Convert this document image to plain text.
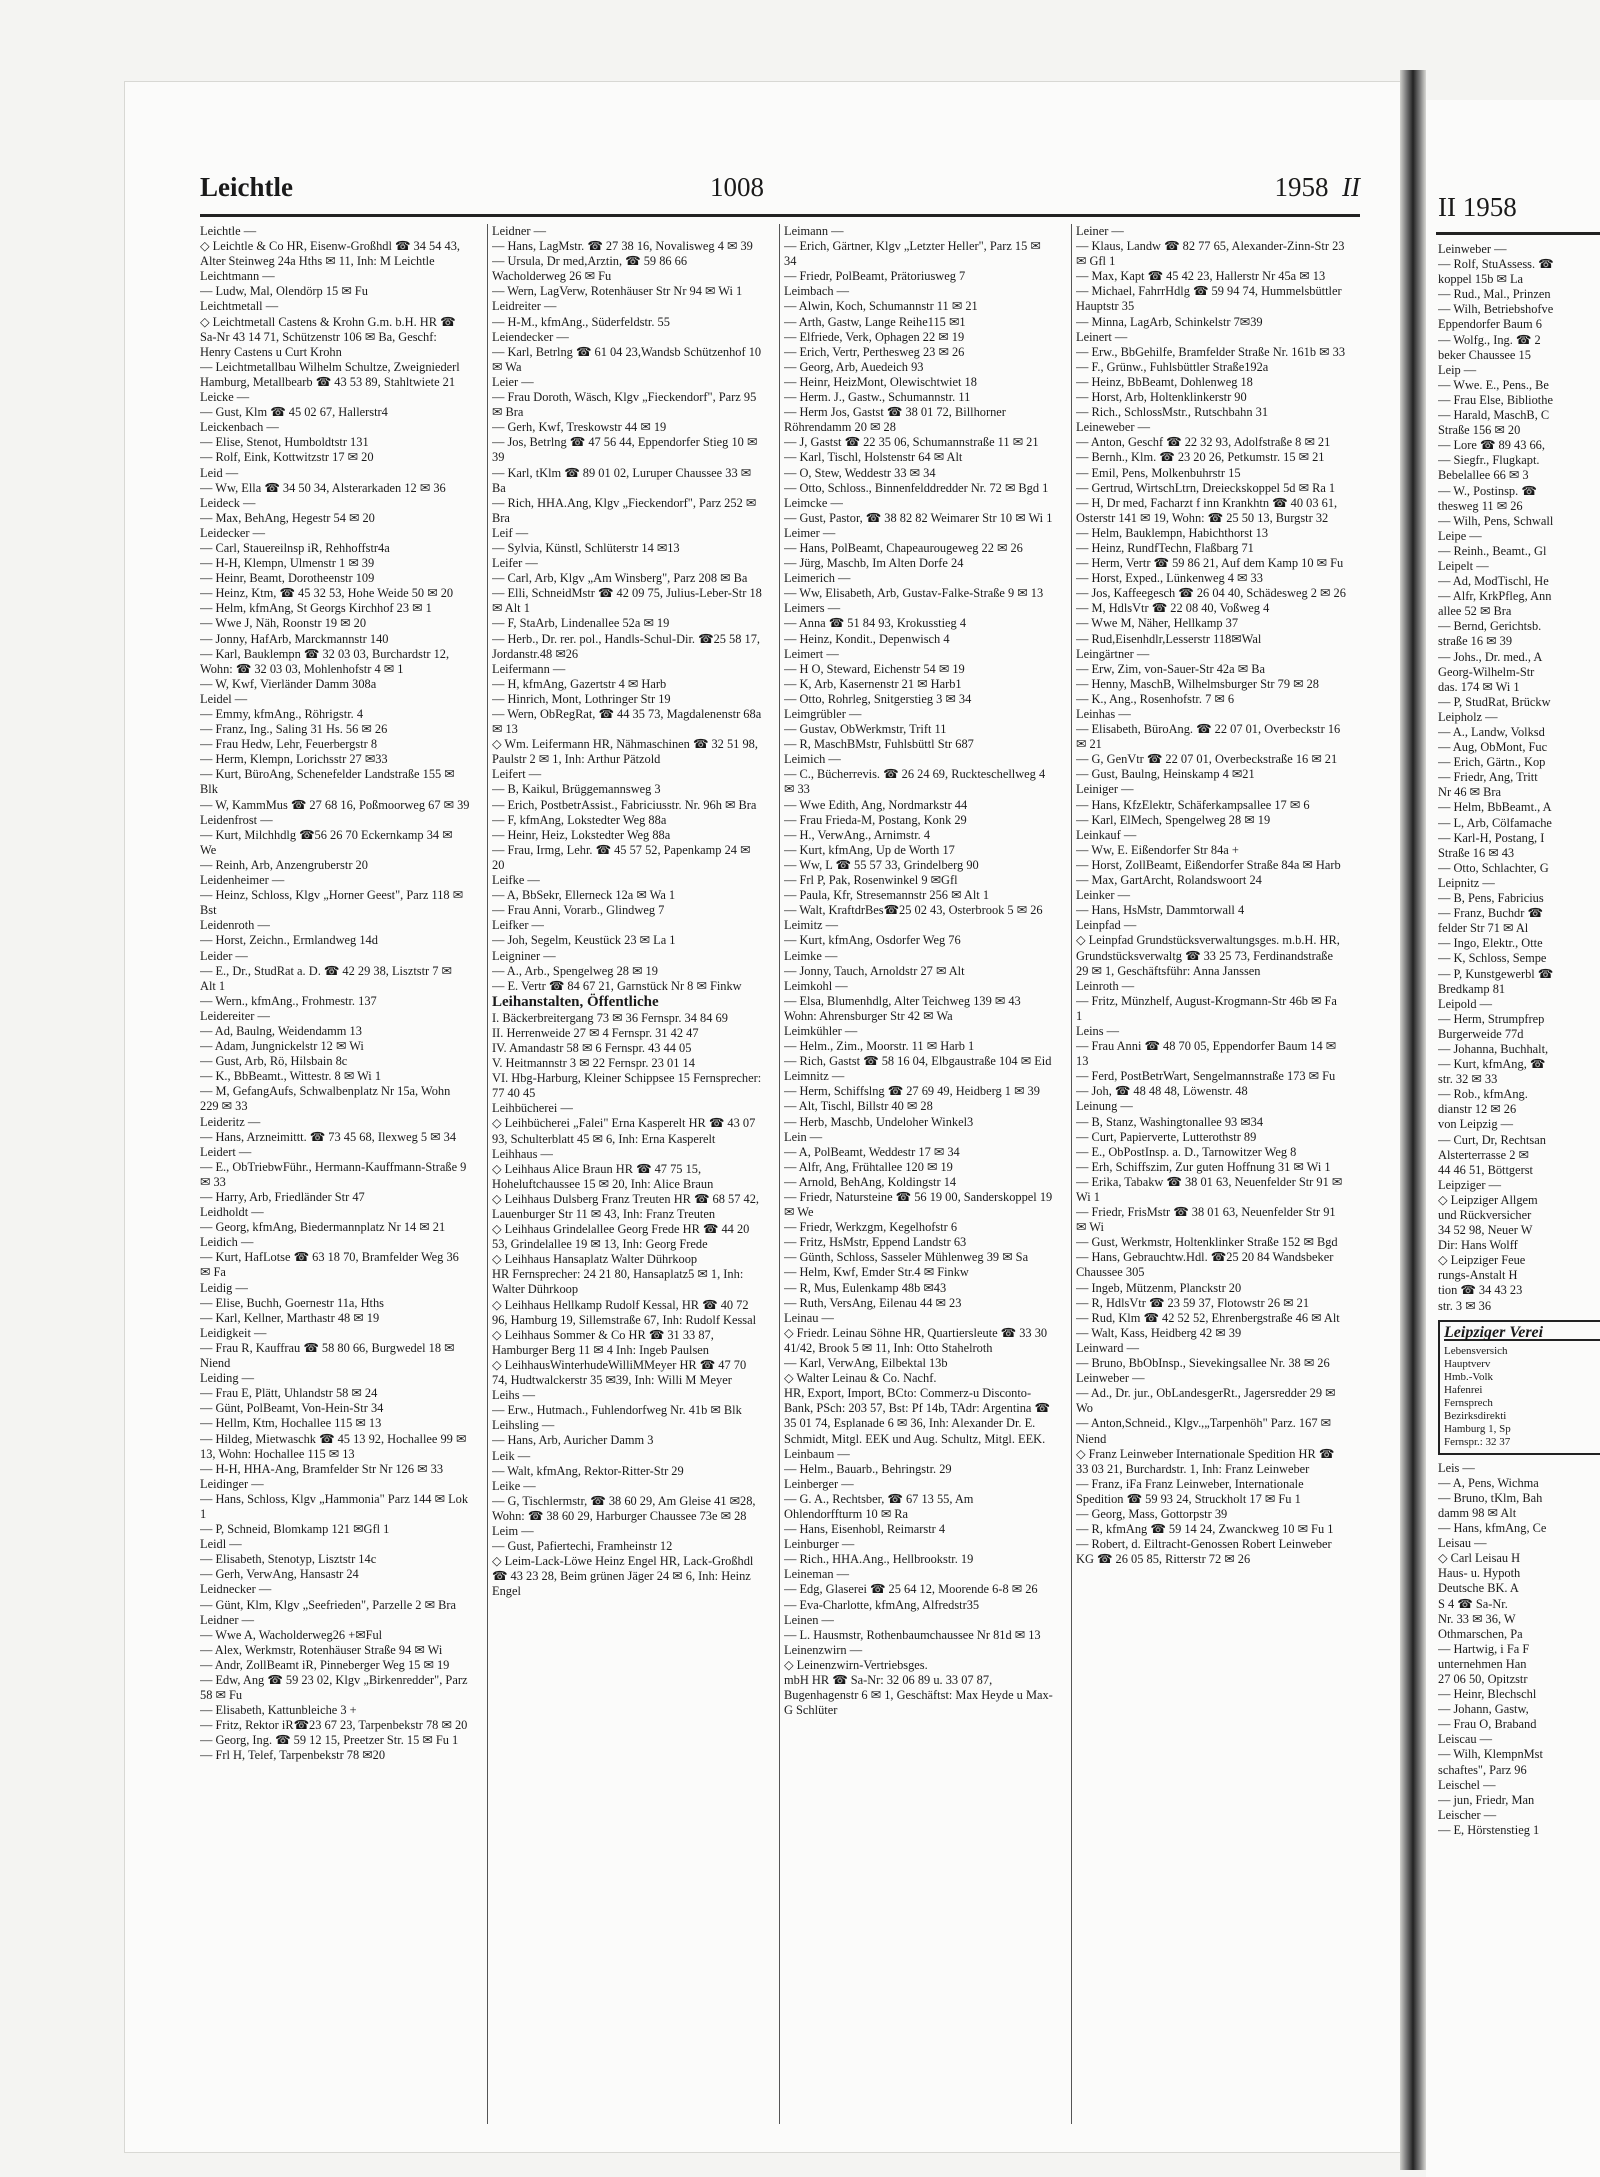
Leichtle	1008	1958 II
Leichtle —
◇ Leichtle & Co HR, Eisenw-Großhdl ☎ 34 54 43, Alter Steinweg 24a Hths ✉ 11, Inh: M Leichtle
Leichtmann —
— Ludw, Mal, Olendörp 15 ✉ Fu
Leichtmetall —
◇ Leichtmetall Castens & Krohn G.m. b.H. HR ☎ Sa-Nr 43 14 71, Schützenstr 106 ✉ Ba, Geschf: Henry Castens u Curt Krohn
— Leichtmetallbau Wilhelm Schultze, Zweigniederl Hamburg, Metallbearb ☎ 43 53 89, Stahltwiete 21
Leicke —
— Gust, Klm ☎ 45 02 67, Hallerstr4
Leickenbach —
— Elise, Stenot, Humboldtstr 131
— Rolf, Eink, Kottwitzstr 17 ✉ 20
Leid —
— Ww, Ella ☎ 34 50 34, Alsterarkaden 12 ✉ 36
Leideck —
— Max, BehAng, Hegestr 54 ✉ 20
Leidecker —
— Carl, Stauereilnsp iR, Rehhoffstr4a
— H-H, Klempn, Ulmenstr 1 ✉ 39
— Heinr, Beamt, Dorotheenstr 109
— Heinz, Ktm, ☎ 45 32 53, Hohe Weide 50 ✉ 20
— Helm, kfmAng, St Georgs Kirchhof 23 ✉ 1
— Wwe J, Näh, Roonstr 19 ✉ 20
— Jonny, HafArb, Marckmannstr 140
— Karl, Bauklempn ☎ 32 03 03, Burchardstr 12, Wohn: ☎ 32 03 03, Mohlenhofstr 4 ✉ 1
— W, Kwf, Vierländer Damm 308a
Leidel —
— Emmy, kfmAng., Röhrigstr. 4
— Franz, Ing., Saling 31 Hs. 56 ✉ 26
— Frau Hedw, Lehr, Feuerbergstr 8
— Herm, Klempn, Lorichsstr 27 ✉33
— Kurt, BüroAng, Schenefelder Landstraße 155 ✉ Blk
— W, KammMus ☎ 27 68 16, Poßmoorweg 67 ✉ 39
Leidenfrost —
— Kurt, Milchhdlg ☎56 26 70 Eckernkamp 34 ✉ We
— Reinh, Arb, Anzengruberstr 20
Leidenheimer —
— Heinz, Schloss, Klgv „Horner Geest", Parz 118 ✉ Bst
Leidenroth —
— Horst, Zeichn., Ermlandweg 14d
Leider —
— E., Dr., StudRat a. D. ☎ 42 29 38, Lisztstr 7 ✉ Alt 1
— Wern., kfmAng., Frohmestr. 137
Leidereiter —
— Ad, Baulng, Weidendamm 13
— Adam, Jungnickelstr 12 ✉ Wi
— Gust, Arb, Rö, Hilsbain 8c
— K., BbBeamt., Wittestr. 8 ✉ Wi 1
— M, GefangAufs, Schwalbenplatz Nr 15a, Wohn 229 ✉ 33
Leideritz —
— Hans, Arzneimittt. ☎ 73 45 68, Ilexweg 5 ✉ 34
Leidert —
— E., ObTriebwFühr., Hermann-Kauffmann-Straße 9 ✉ 33
— Harry, Arb, Friedländer Str 47
Leidholdt —
— Georg, kfmAng, Biedermannplatz Nr 14 ✉ 21
Leidich —
— Kurt, HafLotse ☎ 63 18 70, Bramfelder Weg 36 ✉ Fa
Leidig —
— Elise, Buchh, Goernestr 11a, Hths
— Karl, Kellner, Marthastr 48 ✉ 19
Leidigkeit —
— Frau R, Kauffrau ☎ 58 80 66, Burgwedel 18 ✉ Niend
Leiding —
— Frau E, Plätt, Uhlandstr 58 ✉ 24
— Günt, PolBeamt, Von-Hein-Str 34
— Hellm, Ktm, Hochallee 115 ✉ 13
— Hildeg, Mietwaschk ☎ 45 13 92, Hochallee 99 ✉ 13, Wohn: Hochallee 115 ✉ 13
— H-H, HHA-Ang, Bramfelder Str Nr 126 ✉ 33
Leidinger —
— Hans, Schloss, Klgv „Hammonia" Parz 144 ✉ Lok 1
— P, Schneid, Blomkamp 121 ✉Gfl 1
Leidl —
— Elisabeth, Stenotyp, Lisztstr 14c
— Gerh, VerwAng, Hansastr 24
Leidnecker —
— Günt, Klm, Klgv „Seefrieden", Parzelle 2 ✉ Bra
Leidner —
— Wwe A, Wacholderweg26 +✉Ful
— Alex, Werkmstr, Rotenhäuser Straße 94 ✉ Wi
— Andr, ZollBeamt iR, Pinneberger Weg 15 ✉ 19
— Edw, Ang ☎ 59 23 02, Klgv „Birkenredder", Parz 58 ✉ Fu
— Elisabeth, Kattunbleiche 3 +
— Fritz, Rektor iR☎23 67 23, Tarpenbekstr 78 ✉ 20
— Georg, Ing. ☎ 59 12 15, Preetzer Str. 15 ✉ Fu 1
— Frl H, Telef, Tarpenbekstr 78 ✉20
Leidner —
— Hans, LagMstr. ☎ 27 38 16, Novalisweg 4 ✉ 39
— Ursula, Dr med,Arztin, ☎ 59 86 66 Wacholderweg 26 ✉ Fu
— Wern, LagVerw, Rotenhäuser Str Nr 94 ✉ Wi 1
Leidreiter —
— H-M., kfmAng., Süderfeldstr. 55
Leiendecker —
— Karl, Betrlng ☎ 61 04 23,Wandsb Schützenhof 10 ✉ Wa
Leier —
— Frau Doroth, Wäsch, Klgv „Fieckendorf", Parz 95 ✉ Bra
— Gerh, Kwf, Treskowstr 44 ✉ 19
— Jos, Betrlng ☎ 47 56 44, Eppendorfer Stieg 10 ✉ 39
— Karl, tKlm ☎ 89 01 02, Luruper Chaussee 33 ✉ Ba
— Rich, HHA.Ang, Klgv „Fieckendorf", Parz 252 ✉ Bra
Leif —
— Sylvia, Künstl, Schlüterstr 14 ✉13
Leifer —
— Carl, Arb, Klgv „Am Winsberg", Parz 208 ✉ Ba
— Elli, SchneidMstr ☎ 42 09 75, Julius-Leber-Str 18 ✉ Alt 1
— F, StaArb, Lindenallee 52a ✉ 19
— Herb., Dr. rer. pol., Handls-Schul-Dir. ☎25 58 17, Jordanstr.48 ✉26
Leifermann —
— H, kfmAng, Gazertstr 4 ✉ Harb
— Hinrich, Mont, Lothringer Str 19
— Wern, ObRegRat, ☎ 44 35 73, Magdalenenstr 68a ✉ 13
◇ Wm. Leifermann HR, Nähmaschinen ☎ 32 51 98, Paulstr 2 ✉ 1, Inh: Arthur Pätzold
Leifert —
— B, Kaikul, Brüggemannsweg 3
— Erich, PostbetrAssist., Fabriciusstr. Nr. 96h ✉ Bra
— F, kfmAng, Lokstedter Weg 88a
— Heinr, Heiz, Lokstedter Weg 88a
— Frau, Irmg, Lehr. ☎ 45 57 52, Papenkamp 24 ✉ 20
Leifke —
— A, BbSekr, Ellerneck 12a ✉ Wa 1
— Frau Anni, Vorarb., Glindweg 7
Leifker —
— Joh, Segelm, Keustück 23 ✉ La 1
Leigniner —
— A., Arb., Spengelweg 28 ✉ 19
— E. Vertr ☎ 84 67 21, Garnstück Nr 8 ✉ Finkw
Leihanstalten, Öffentliche
I. Bäckerbreitergang 73 ✉ 36 Fernspr. 34 84 69
II. Herrenweide 27 ✉ 4 Fernspr. 31 42 47
IV. Amandastr 58 ✉ 6 Fernspr. 43 44 05
V. Heitmannstr 3 ✉ 22 Fernspr. 23 01 14
VI. Hbg-Harburg, Kleiner Schippsee 15 Fernsprecher: 77 40 45
Leihbücherei —
◇ Leihbücherei „Falei" Erna Kasperelt HR ☎ 43 07 93, Schulterblatt 45 ✉ 6, Inh: Erna Kasperelt
Leihhaus —
◇ Leihhaus Alice Braun HR ☎ 47 75 15, Hoheluftchaussee 15 ✉ 20, Inh: Alice Braun
◇ Leihhaus Dulsberg Franz Treuten HR ☎ 68 57 42, Lauenburger Str 11 ✉ 43, Inh: Franz Treuten
◇ Leihhaus Grindelallee Georg Frede HR ☎ 44 20 53, Grindelallee 19 ✉ 13, Inh: Georg Frede
◇ Leihhaus Hansaplatz Walter Dührkoop
HR Fernsprecher: 24 21 80, Hansaplatz5 ✉ 1, Inh: Walter Dührkoop
◇ Leihhaus Hellkamp Rudolf Kessal, HR ☎ 40 72 96, Hamburg 19, Sillemstraße 67, Inh: Rudolf Kessal
◇ Leihhaus Sommer & Co HR ☎ 31 33 87, Hamburger Berg 11 ✉ 4 Inh: Ingeb Paulsen
◇ LeihhausWinterhudeWilliMMeyer HR ☎ 47 70 74, Hudtwalckerstr 35 ✉39, Inh: Willi M Meyer
Leihs —
— Erw., Hutmach., Fuhlendorfweg Nr. 41b ✉ Blk
Leihsling —
— Hans, Arb, Auricher Damm 3
Leik —
— Walt, kfmAng, Rektor-Ritter-Str 29
Leike —
— G, Tischlermstr, ☎ 38 60 29, Am Gleise 41 ✉28, Wohn: ☎ 38 60 29, Harburger Chaussee 73e ✉ 28
Leim —
— Gust, Pafiertechi, Framheinstr 12
◇ Leim-Lack-Löwe Heinz Engel HR, Lack-Großhdl ☎ 43 23 28, Beim grünen Jäger 24 ✉ 6, Inh: Heinz Engel
Leimann —
— Erich, Gärtner, Klgv „Letzter Heller", Parz 15 ✉ 34
— Friedr, PolBeamt, Prätoriusweg 7
Leimbach —
— Alwin, Koch, Schumannstr 11 ✉ 21
— Arth, Gastw, Lange Reihe115 ✉1
— Elfriede, Verk, Ophagen 22 ✉ 19
— Erich, Vertr, Perthesweg 23 ✉ 26
— Georg, Arb, Auedeich 93
— Heinr, HeizMont, Olewischtwiet 18
— Herm. J., Gastw., Schumannstr. 11
— Herm Jos, Gastst ☎ 38 01 72, Billhorner Röhrendamm 20 ✉ 28
— J, Gastst ☎ 22 35 06, Schumannstraße 11 ✉ 21
— Karl, Tischl, Holstenstr 64 ✉ Alt
— O, Stew, Weddestr 33 ✉ 34
— Otto, Schloss., Binnenfelddredder Nr. 72 ✉ Bgd 1
Leimcke —
— Gust, Pastor, ☎ 38 82 82 Weimarer Str 10 ✉ Wi 1
Leimer —
— Hans, PolBeamt, Chapeaurougeweg 22 ✉ 26
— Jürg, Maschb, Im Alten Dorfe 24
Leimerich —
— Ww, Elisabeth, Arb, Gustav-Falke-Straße 9 ✉ 13
Leimers —
— Anna ☎ 51 84 93, Krokusstieg 4
— Heinz, Kondit., Depenwisch 4
Leimert —
— H O, Steward, Eichenstr 54 ✉ 19
— K, Arb, Kasernenstr 21 ✉ Harb1
— Otto, Rohrleg, Snitgerstieg 3 ✉ 34
Leimgrübler —
— Gustav, ObWerkmstr, Trift 11
— R, MaschBMstr, Fuhlsbüttl Str 687
Leimich —
— C., Bücherrevis. ☎ 26 24 69, Ruckteschellweg 4 ✉ 33
— Wwe Edith, Ang, Nordmarkstr 44
— Frau Frieda-M, Postang, Konk 29
— H., VerwAng., Arnimstr. 4
— Kurt, kfmAng, Up de Worth 17
— Ww, L ☎ 55 57 33, Grindelberg 90
— Frl P, Pak, Rosenwinkel 9 ✉Gfl
— Paula, Kfr, Stresemannstr 256 ✉ Alt 1
— Walt, KraftdrBes☎25 02 43, Osterbrook 5 ✉ 26
Leimitz —
— Kurt, kfmAng, Osdorfer Weg 76
Leimke —
— Jonny, Tauch, Arnoldstr 27 ✉ Alt
Leimkohl —
— Elsa, Blumenhdlg, Alter Teichweg 139 ✉ 43 Wohn: Ahrensburger Str 42 ✉ Wa
Leimkühler —
— Helm., Zim., Moorstr. 11 ✉ Harb 1
— Rich, Gastst ☎ 58 16 04, Elbgaustraße 104 ✉ Eid
Leimnitz —
— Herm, Schiffslng ☎ 27 69 49, Heidberg 1 ✉ 39
— Alt, Tischl, Billstr 40 ✉ 28
— Herb, Maschb, Undeloher Winkel3
Lein —
— A, PolBeamt, Weddestr 17 ✉ 34
— Alfr, Ang, Frühtallee 120 ✉ 19
— Arnold, BehAng, Koldingstr 14
— Friedr, Natursteine ☎ 56 19 00, Sanderskoppel 19 ✉ We
— Friedr, Werkzgm, Kegelhofstr 6
— Fritz, HsMstr, Eppend Landstr 63
— Günth, Schloss, Sasseler Mühlenweg 39 ✉ Sa
— Helm, Kwf, Emder Str.4 ✉ Finkw
— R, Mus, Eulenkamp 48b ✉43
— Ruth, VersAng, Eilenau 44 ✉ 23
Leinau —
◇ Friedr. Leinau Söhne HR, Quartiersleute ☎ 33 30 41/42, Brook 5 ✉ 11, Inh: Otto Stahelroth
— Karl, VerwAng, Eilbektal 13b
◇ Walter Leinau & Co. Nachf.
HR, Export, Import, BCto: Commerz-u Disconto-Bank, PSch: 203 57, Bst: Pf 14b, TAdr: Argentina ☎ 35 01 74, Esplanade 6 ✉ 36, Inh: Alexander Dr. E. Schmidt, Mitgl. EEK und Aug. Schultz, Mitgl. EEK.
Leinbaum —
— Helm., Bauarb., Behringstr. 29
Leinberger —
— G. A., Rechtsber, ☎ 67 13 55, Am Ohlendorffturm 10 ✉ Ra
— Hans, Eisenhobl, Reimarstr 4
Leinburger —
— Rich., HHA.Ang., Hellbrookstr. 19
Leineman —
— Edg, Glaserei ☎ 25 64 12, Moorende 6-8 ✉ 26
— Eva-Charlotte, kfmAng, Alfredstr35
Leinen —
— L. Hausmstr, Rothenbaumchaussee Nr 81d ✉ 13
Leinenzwirn —
◇ Leinenzwirn-Vertriebsges.
mbH HR ☎ Sa-Nr: 32 06 89 u. 33 07 87, Bugenhagenstr 6 ✉ 1, Geschäftst: Max Heyde u Max-G Schlüter
Leiner —
— Klaus, Landw ☎ 82 77 65, Alexander-Zinn-Str 23 ✉ Gfl 1
— Max, Kapt ☎ 45 42 23, Hallerstr Nr 45a ✉ 13
— Michael, FahrrHdlg ☎ 59 94 74, Hummelsbüttler Hauptstr 35
— Minna, LagArb, Schinkelstr 7✉39
Leinert —
— Erw., BbGehilfe, Bramfelder Straße Nr. 161b ✉ 33
— F., Grünw., Fuhlsbüttler Straße192a
— Heinz, BbBeamt, Dohlenweg 18
— Horst, Arb, Holtenklinkerstr 90
— Rich., SchlossMstr., Rutschbahn 31
Leineweber —
— Anton, Geschf ☎ 22 32 93, Adolfstraße 8 ✉ 21
— Bernh., Klm. ☎ 23 20 26, Petkumstr. 15 ✉ 21
— Emil, Pens, Molkenbuhrstr 15
— Gertrud, WirtschLtrn, Dreieckskoppel 5d ✉ Ra 1
— H, Dr med, Facharzt f inn Krankhtn ☎ 40 03 61, Osterstr 141 ✉ 19, Wohn: ☎ 25 50 13, Burgstr 32
— Helm, Bauklempn, Habichthorst 13
— Heinz, RundfTechn, Flaßbarg 71
— Herm, Vertr ☎ 59 86 21, Auf dem Kamp 10 ✉ Fu
— Horst, Exped., Lünkenweg 4 ✉ 33
— Jos, Kaffeegesch ☎ 26 04 40, Schädesweg 2 ✉ 26
— M, HdlsVtr ☎ 22 08 40, Voßweg 4
— Wwe M, Näher, Hellkamp 37
— Rud,Eisenhdlr,Lesserstr 118✉Wal
Leingärtner —
— Erw, Zim, von-Sauer-Str 42a ✉ Ba
— Henny, MaschB, Wilhelmsburger Str 79 ✉ 28
— K., Ang., Rosenhofstr. 7 ✉ 6
Leinhas —
— Elisabeth, BüroAng. ☎ 22 07 01, Overbeckstr 16 ✉ 21
— G, GenVtr ☎ 22 07 01, Overbeckstraße 16 ✉ 21
— Gust, Baulng, Heinskamp 4 ✉21
Leiniger —
— Hans, KfzElektr, Schäferkampsallee 17 ✉ 6
— Karl, ElMech, Spengelweg 28 ✉ 19
Leinkauf —
— Ww, E. Eißendorfer Str 84a +
— Horst, ZollBeamt, Eißendorfer Straße 84a ✉ Harb
— Max, GartArcht, Rolandswoort 24
Leinker —
— Hans, HsMstr, Dammtorwall 4
Leinpfad —
◇ Leinpfad Grundstücksverwaltungsges. m.b.H. HR, Grundstücksverwaltg ☎ 33 25 73, Ferdinandstraße 29 ✉ 1, Geschäftsführ: Anna Janssen
Leinroth —
— Fritz, Münzhelf, August-Krogmann-Str 46b ✉ Fa 1
Leins —
— Frau Anni ☎ 48 70 05, Eppendorfer Baum 14 ✉ 13
— Ferd, PostBetrWart, Sengelmannstraße 173 ✉ Fu
— Joh, ☎ 48 48 48, Löwenstr. 48
Leinung —
— B, Stanz, Washingtonallee 93 ✉34
— Curt, Papierverte, Lutterothstr 89
— E., ObPostInsp. a. D., Tarnowitzer Weg 8
— Erh, Schiffszim, Zur guten Hoffnung 31 ✉ Wi 1
— Erika, Tabakw ☎ 38 01 63, Neuenfelder Str 91 ✉ Wi 1
— Friedr, FrisMstr ☎ 38 01 63, Neuenfelder Str 91 ✉ Wi
— Gust, Werkmstr, Holtenklinker Straße 152 ✉ Bgd
— Hans, Gebrauchtw.Hdl. ☎25 20 84 Wandsbeker Chaussee 305
— Ingeb, Mützenm, Planckstr 20
— R, HdlsVtr ☎ 23 59 37, Flotowstr 26 ✉ 21
— Rud, Klm ☎ 42 52 52, Ehrenbergstraße 46 ✉ Alt
— Walt, Kass, Heidberg 42 ✉ 39
Leinward —
— Bruno, BbObInsp., Sievekingsallee Nr. 38 ✉ 26
Leinweber —
— Ad., Dr. jur., ObLandesgerRt., Jagersredder 29 ✉ Wo
— Anton,Schneid., Klgv.,„Tarpenhöh" Parz. 167 ✉ Niend
◇ Franz Leinweber Internationale Spedition HR ☎ 33 03 21, Burchardstr. 1, Inh: Franz Leinweber
— Franz, iFa Franz Leinweber, Internationale Spedition ☎ 59 93 24, Struckholt 17 ✉ Fu 1
— Georg, Mass, Gottorpstr 39
— R, kfmAng ☎ 59 14 24, Zwanckweg 10 ✉ Fu 1
— Robert, d. Eiltracht-Genossen Robert Leinweber KG ☎ 26 05 85, Ritterstr 72 ✉ 26
II 1958
Leinweber —
— Rolf, StuAssess. ☎
koppel 15b ✉ La
— Rud., Mal., Prinzen
— Wilh, Betriebshofve
Eppendorfer Baum 6
— Wolfg., Ing. ☎ 2
beker Chaussee 15
Leip —
— Wwe. E., Pens., Be
— Frau Else, Bibliothe
— Harald, MaschB, C
Straße 156 ✉ 20
— Lore ☎ 89 43 66,
— Siegfr., Flugkapt.
Bebelallee 66 ✉ 3
— W., Postinsp. ☎
thesweg 11 ✉ 26
— Wilh, Pens, Schwall
Leipe —
— Reinh., Beamt., Gl
Leipelt —
— Ad, ModTischl, He
— Alfr, KrkPfleg, Ann
allee 52 ✉ Bra
— Bernd, Gerichtsb.
straße 16 ✉ 39
— Johs., Dr. med., A
Georg-Wilhelm-Str
das. 174 ✉ Wi 1
— P, StudRat, Brückw
Leipholz —
— A., Landw, Volksd
— Aug, ObMont, Fuc
— Erich, Gärtn., Kop
— Friedr, Ang, Tritt
Nr 46 ✉ Bra
— Helm, BbBeamt., A
— L, Arb, Cölfamache
— Karl-H, Postang, I
Straße 16 ✉ 43
— Otto, Schlachter, G
Leipnitz —
— B, Pens, Fabricius
— Franz, Buchdr ☎
felder Str 71 ✉ Al
— Ingo, Elektr., Otte
— K, Schloss, Sempe
— P, Kunstgewerbl ☎
Bredkamp 81
Leipold —
— Herm, Strumpfrep
Burgerweide 77d
— Johanna, Buchhalt,
— Kurt, kfmAng, ☎
str. 32 ✉ 33
— Rob., kfmAng.
dianstr 12 ✉ 26
von Leipzig —
— Curt, Dr, Rechtsan
Alsterterrasse 2 ✉
44 46 51, Böttgerst
Leipziger —
◇ Leipziger Allgem
und Rückversicher
34 52 98, Neuer W
Dir: Hans Wolff
◇ Leipziger Feue
rungs-Anstalt H
tion ☎ 34 43 23
str. 3 ✉ 36
Leipziger Verei
Lebensversich
Hauptverv
Hmb.-Volk
Hafenrei
Fernsprech
Bezirksdirekti
Hamburg 1, Sp
Fernspr.: 32 37
Leis —
— A, Pens, Wichma
— Bruno, tKlm, Bah
damm 98 ✉ Alt
— Hans, kfmAng, Ce
Leisau —
◇ Carl Leisau H
Haus- u. Hypoth
Deutsche BK. A
S 4 ☎ Sa-Nr.
Nr. 33 ✉ 36, W
Othmarschen, Pa
— Hartwig, i Fa F
unternehmen Han
27 06 50, Opitzstr
— Heinr, Blechschl
— Johann, Gastw,
— Frau O, Braband
Leiscau —
— Wilh, KlempnMst
schaftes", Parz 96
Leischel —
— jun, Friedr, Man
Leischer —
— E, Hörstenstieg 1
